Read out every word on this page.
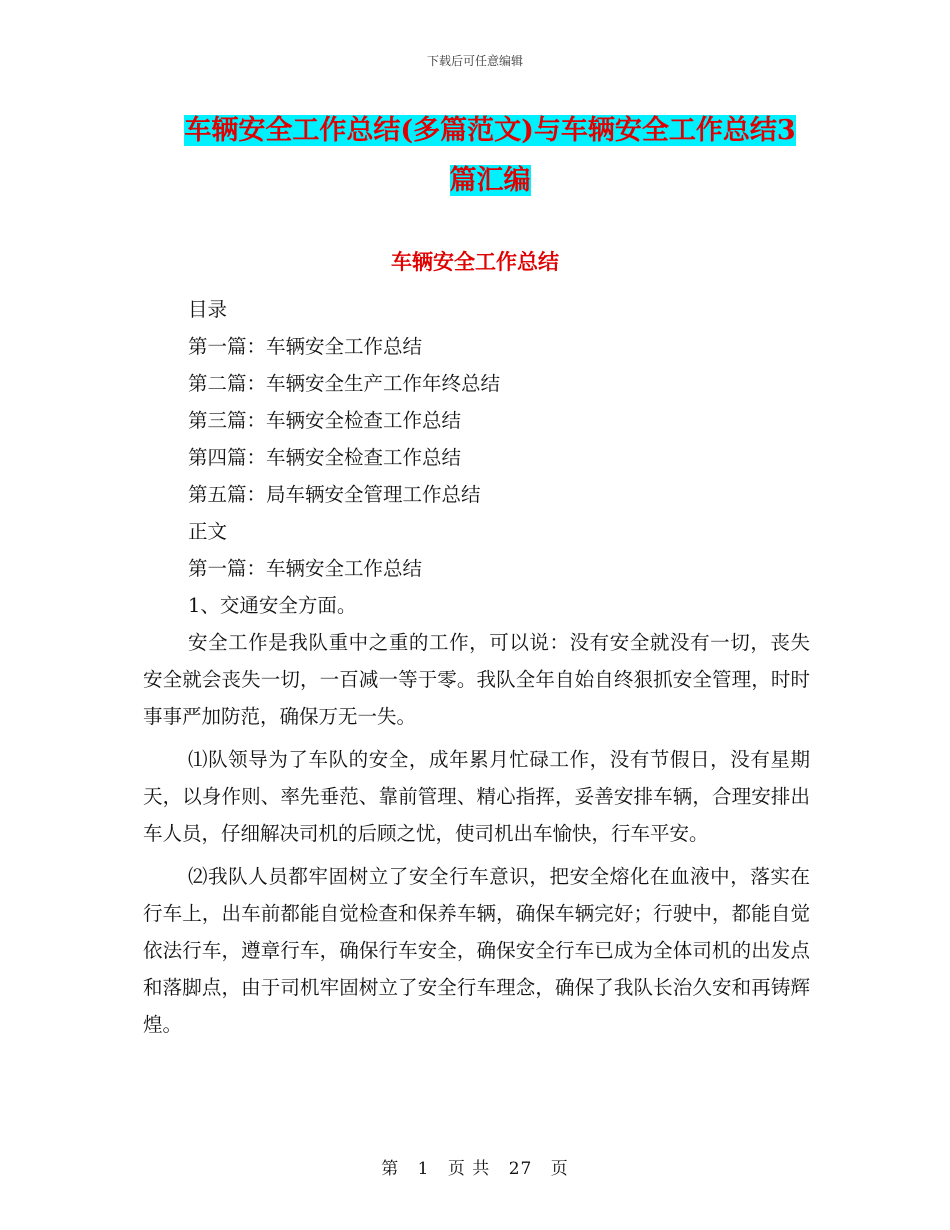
下载后可任意编辑
车辆安全工作总结(多篇范文)与车辆安全工作总结3
篇汇编
车辆安全工作总结
目录
第一篇：车辆安全工作总结
第二篇：车辆安全生产工作年终总结
第三篇：车辆安全检查工作总结
第四篇：车辆安全检查工作总结
第五篇：局车辆安全管理工作总结
正文
第一篇：车辆安全工作总结
1、交通安全方面。

安全工作是我队重中之重的工作，可以说：没有安全就没有一切，丧失安全就会丧失一切，一百减一等于零。我队全年自始自终狠抓安全管理，时时事事严加防范，确保万无一失。

⑴队领导为了车队的安全，成年累月忙碌工作，没有节假日，没有星期天，以身作则、率先垂范、靠前管理、精心指挥，妥善安排车辆，合理安排出车人员，仔细解决司机的后顾之忧，使司机出车愉快，行车平安。

⑵我队人员都牢固树立了安全行车意识，把安全熔化在血液中，落实在行车上，出车前都能自觉检查和保养车辆，确保车辆完好；行驶中，都能自觉依法行车，遵章行车，确保行车安全，确保安全行车已成为全体司机的出发点和落脚点，由于司机牢固树立了安全行车理念，确保了我队长治久安和再铸辉煌。

第 1 页 共 27 页
